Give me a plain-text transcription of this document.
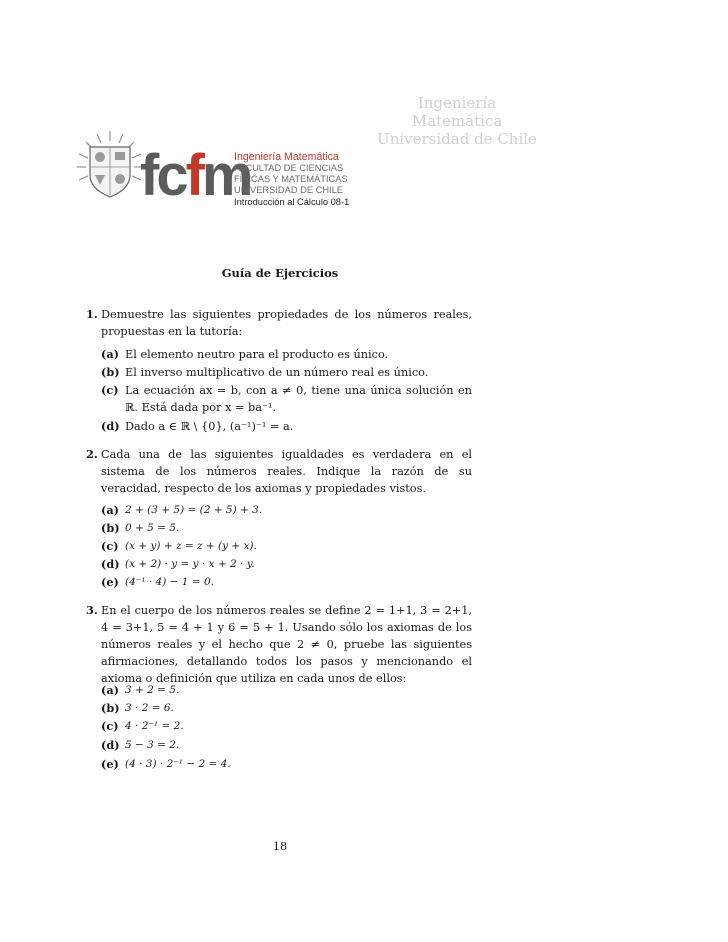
Ingeniería Matemática
Universidad de Chile
fcfm
Ingeniería Matemática
FACULTAD DE CIENCIAS
FÍSICAS Y MATEMÁTICAS
UNIVERSIDAD DE CHILE
Introducción al Cálculo 08-1
Guía de Ejercicios
1. Demuestre las siguientes propiedades de los números reales, propuestas en la tutoría:
(a) El elemento neutro para el producto es único.
(b) El inverso multiplicativo de un número real es único.
(c) La ecuación ax = b, con a ≠ 0, tiene una única solución en ℝ. Está dada por x = ba⁻¹.
(d) Dado a ∈ ℝ \ {0}, (a⁻¹)⁻¹ = a.
2. Cada una de las siguientes igualdades es verdadera en el sistema de los números reales. Indique la razón de su veracidad, respecto de los axiomas y propiedades vistos.
(a) 2 + (3 + 5) = (2 + 5) + 3.
(b) 0 + 5 = 5.
(c) (x + y) + z = z + (y + x).
(d) (x + 2) · y = y · x + 2 · y.
(e) (4⁻¹ · 4) − 1 = 0.
3. En el cuerpo de los números reales se define 2 = 1+1, 3 = 2+1, 4 = 3+1, 5 = 4 + 1 y 6 = 5 + 1. Usando sólo los axiomas de los números reales y el hecho que 2 ≠ 0, pruebe las siguientes afirmaciones, detallando todos los pasos y mencionando el axioma o definición que utiliza en cada unos de ellos:
(a) 3 + 2 = 5.
(b) 3 · 2 = 6.
(c) 4 · 2⁻¹ = 2.
(d) 5 − 3 = 2.
(e) (4 · 3) · 2⁻¹ − 2 = 4.
18
